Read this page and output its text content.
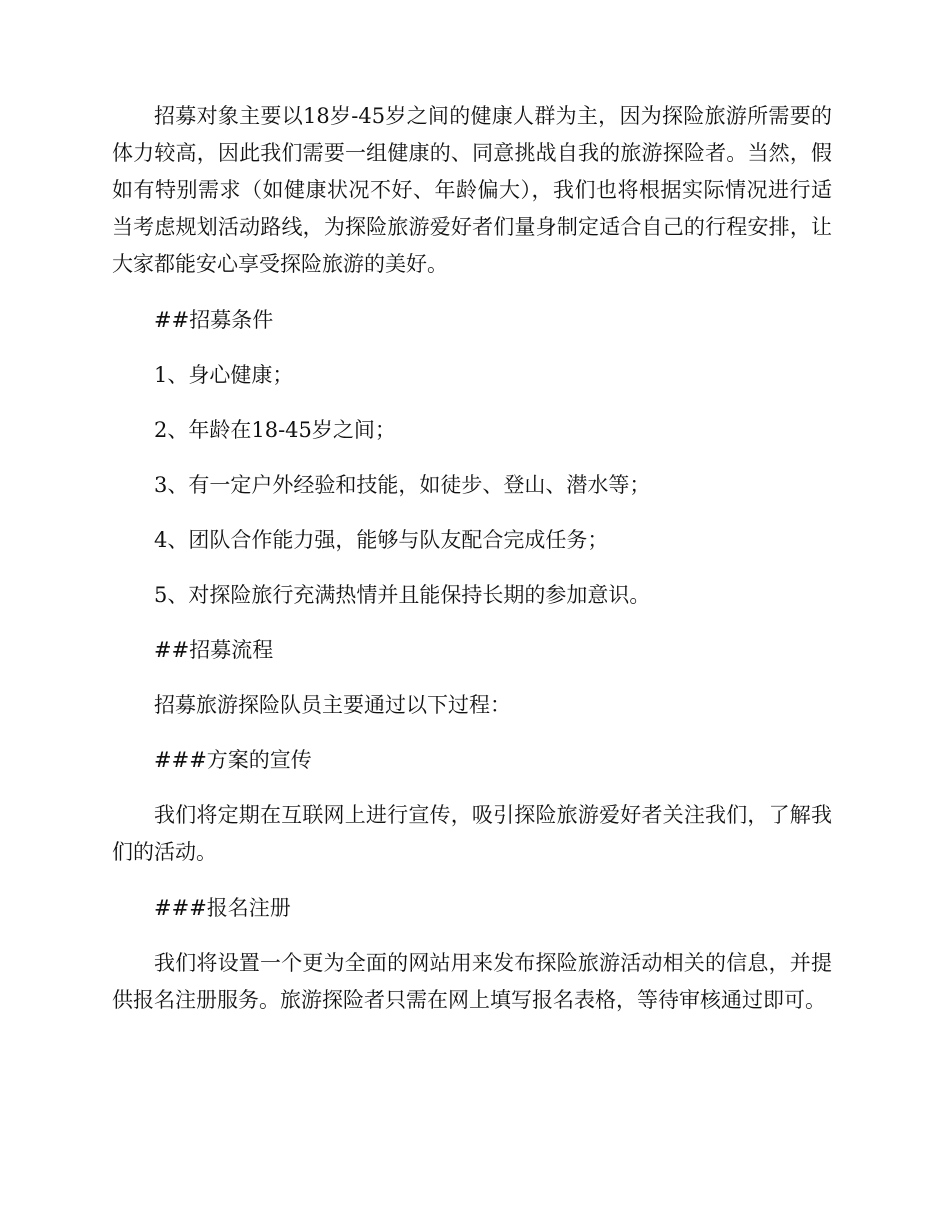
招募对象主要以18岁-45岁之间的健康人群为主，因为探险旅游所需要的体力较高，因此我们需要一组健康的、同意挑战自我的旅游探险者。当然，假如有特别需求（如健康状况不好、年龄偏大），我们也将根据实际情况进行适当考虑规划活动路线，为探险旅游爱好者们量身制定适合自己的行程安排，让大家都能安心享受探险旅游的美好。

##招募条件

1、身心健康；

2、年龄在18-45岁之间；

3、有一定户外经验和技能，如徒步、登山、潜水等；

4、团队合作能力强，能够与队友配合完成任务；

5、对探险旅行充满热情并且能保持长期的参加意识。

##招募流程

招募旅游探险队员主要通过以下过程：

###方案的宣传

我们将定期在互联网上进行宣传，吸引探险旅游爱好者关注我们，了解我们的活动。

###报名注册

我们将设置一个更为全面的网站用来发布探险旅游活动相关的信息，并提供报名注册服务。旅游探险者只需在网上填写报名表格，等待审核通过即可。
